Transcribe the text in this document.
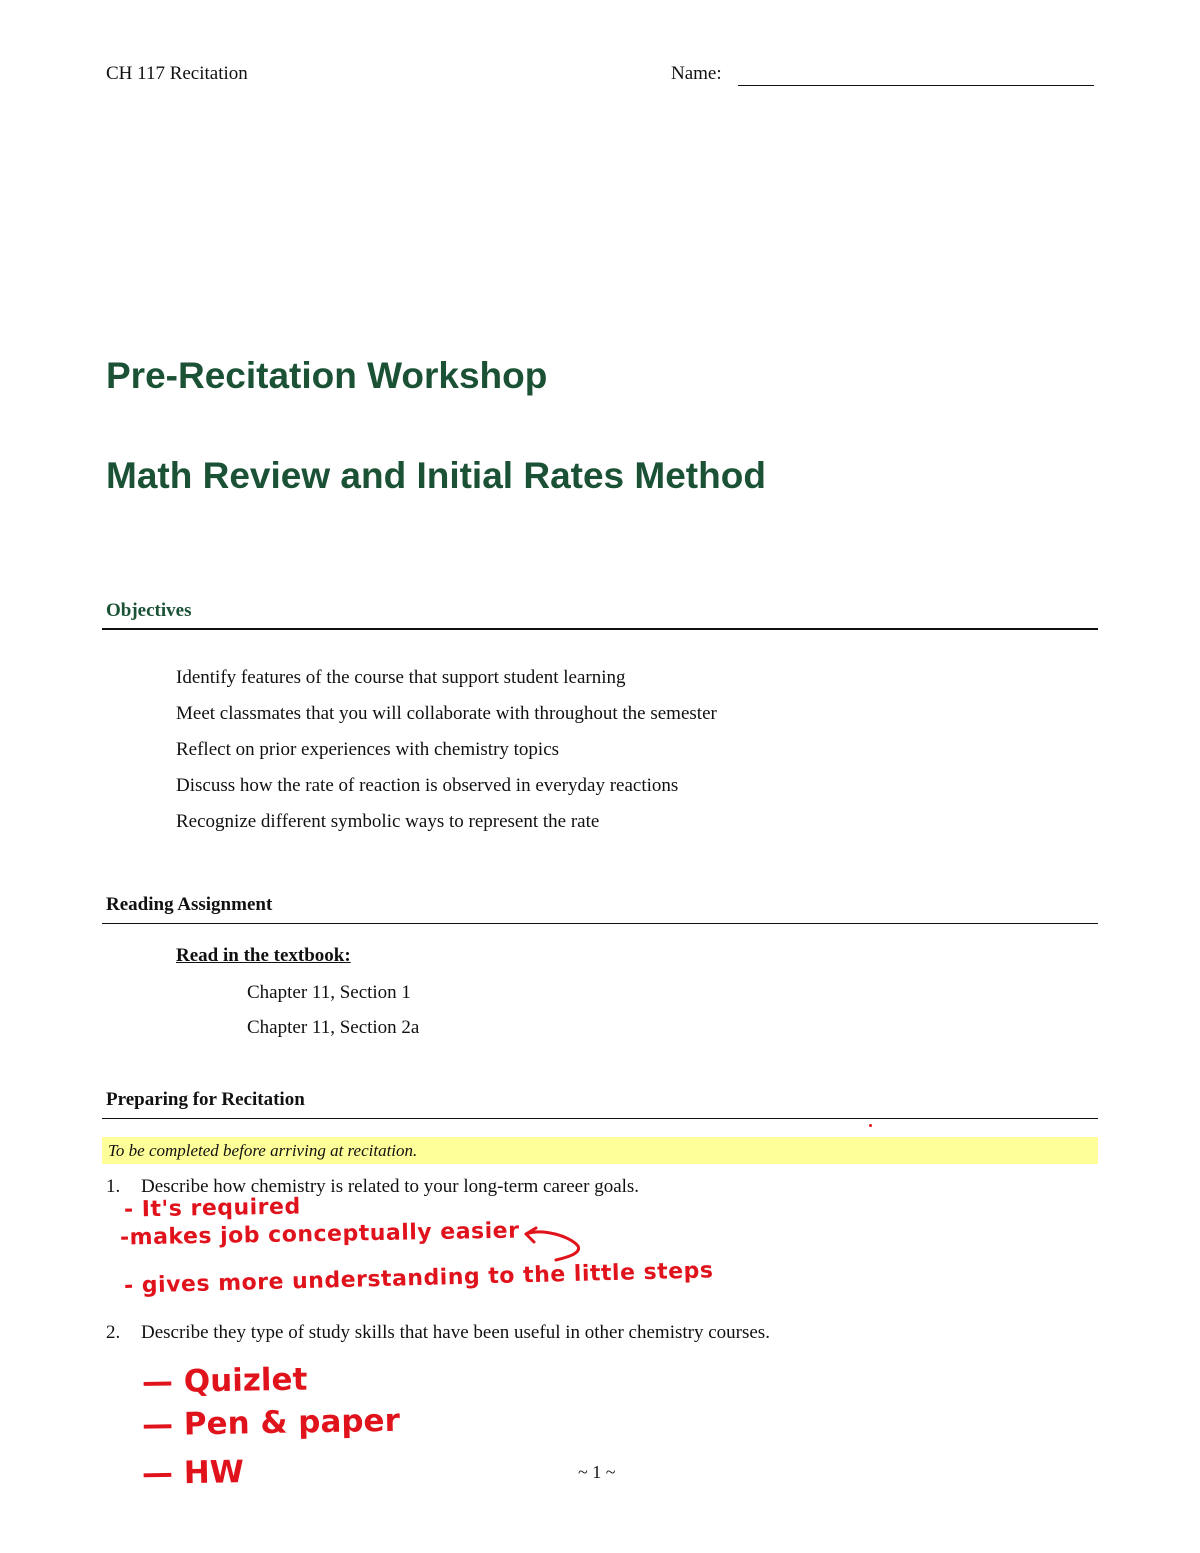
CH 117 Recitation	Name:
Pre-Recitation Workshop
Math Review and Initial Rates Method
Objectives
Identify features of the course that support student learning
Meet classmates that you will collaborate with throughout the semester
Reflect on prior experiences with chemistry topics
Discuss how the rate of reaction is observed in everyday reactions
Recognize different symbolic ways to represent the rate
Reading Assignment
Read in the textbook:
Chapter 11, Section 1
Chapter 11, Section 2a
Preparing for Recitation
To be completed before arriving at recitation.
1. Describe how chemistry is related to your long-term career goals.
- It's required
-makes job conceptually easier
- gives more understanding to the little steps
2. Describe they type of study skills that have been useful in other chemistry courses.
— Quizlet
— Pen & paper
— HW	~ 1 ~
